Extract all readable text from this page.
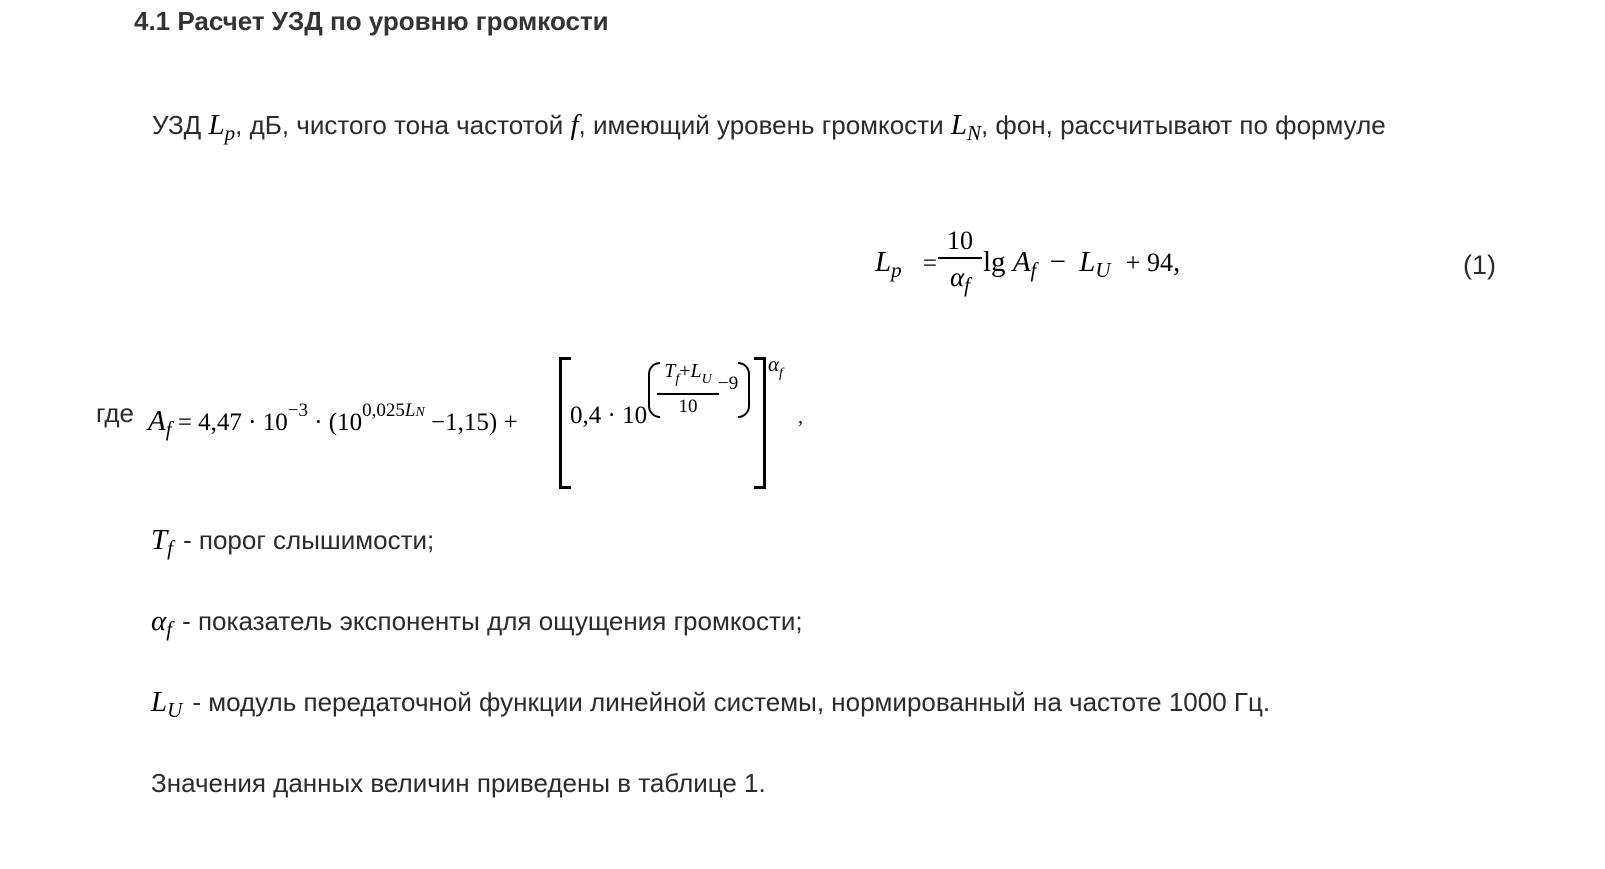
4.1 Расчет УЗД по уровню громкости

УЗД $L_p$, дБ, чистого тона частотой f, имеющий уровень громкости $L_N$, фон, рассчитывают по формуле

$L_p$ =
10
$\alpha_f$
$\lg A_f - L_U + 94$,	(1)
где $A_f = 4,47 \cdot 10^{-3} \cdot (10^{0,025LN} -1,15) + 0,4 \cdot 10$
$T_f+L_U$
10
−9
$\alpha_f$
,
$T_f$ - порог слышимости;
$\alpha_f$ - показатель экспоненты для ощущения громкости;
$L_U$ - модуль передаточной функции линейной системы, нормированный на частоте 1000 Гц.
Значения данных величин приведены в таблице 1.
